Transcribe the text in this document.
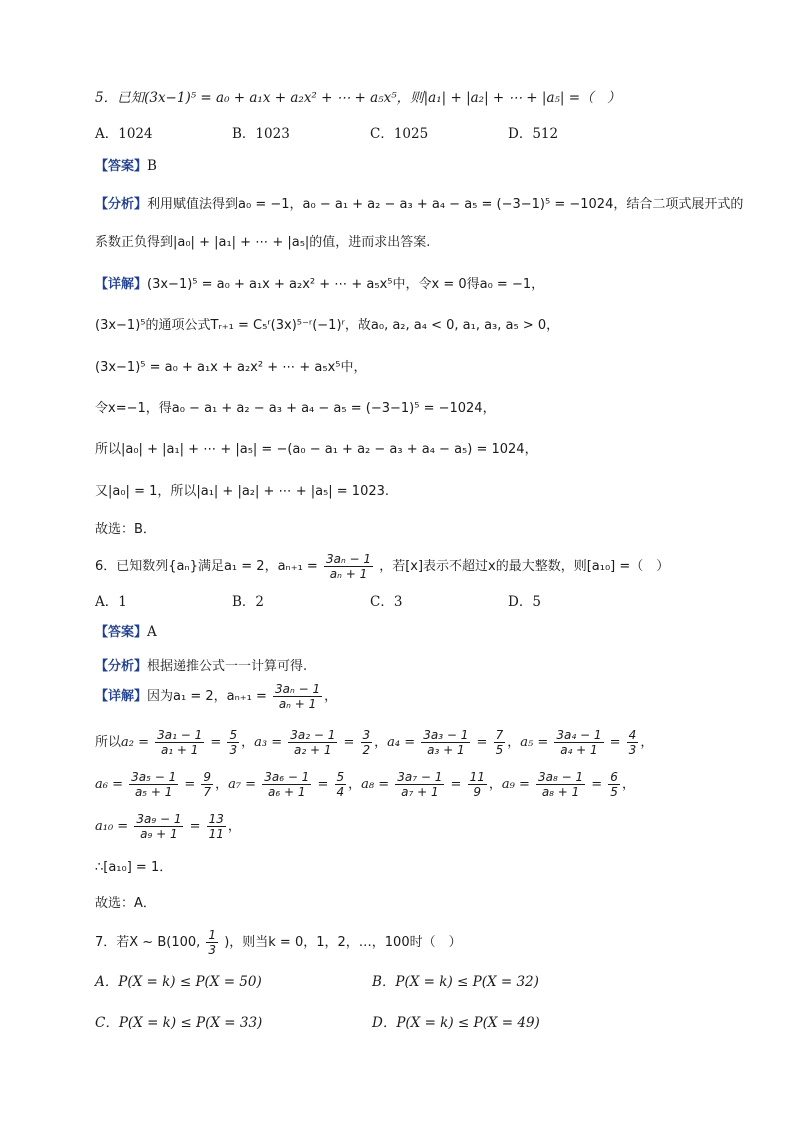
5．已知(3x−1)⁵ = a₀ + a₁x + a₂x² + ⋯ + a₅x⁵，则|a₁| + |a₂| + ⋯ + |a₅| =（　）
A．1024	B．1023	C．1025	D．512
【答案】B
【分析】利用赋值法得到a₀ = −1，a₀ − a₁ + a₂ − a₃ + a₄ − a₅ = (−3−1)⁵ = −1024，结合二项式展开式的
系数正负得到|a₀| + |a₁| + ⋯ + |a₅|的值，进而求出答案.
【详解】(3x−1)⁵ = a₀ + a₁x + a₂x² + ⋯ + a₅x⁵中，令x = 0得a₀ = −1，
(3x−1)⁵的通项公式Tᵣ₊₁ = C₅ʳ(3x)⁵⁻ʳ(−1)ʳ，故a₀, a₂, a₄ < 0, a₁, a₃, a₅ > 0，
(3x−1)⁵ = a₀ + a₁x + a₂x² + ⋯ + a₅x⁵中，
令x=−1，得a₀ − a₁ + a₂ − a₃ + a₄ − a₅ = (−3−1)⁵ = −1024，
所以|a₀| + |a₁| + ⋯ + |a₅| = −(a₀ − a₁ + a₂ − a₃ + a₄ − a₅) = 1024，
又|a₀| = 1，所以|a₁| + |a₂| + ⋯ + |a₅| = 1023.
故选：B．
6．已知数列{aₙ}满足a₁ = 2，$a_{n+1} = \frac{\text{3aₙ − 1}}{\text{aₙ + 1}}$ ，若[x]表示不超过x的最大整数，则[a₁₀] =（　）
A．1	B．2	C．3	D．5
【答案】A
【分析】根据递推公式一一计算可得.
【详解】因为a₁ = 2，$a_{n+1} = \frac{\text{3aₙ − 1}}{\text{aₙ + 1}}$ ，
所以$a_2 = \frac{\text{3a₁ − 1}}{\text{a₁ + 1}} = \frac{5}{3}$ ，$a_3 = \frac{\text{3a₂ − 1}}{\text{a₂ + 1}} = \frac{3}{2}$ ，$a_4 = \frac{\text{3a₃ − 1}}{\text{a₃ + 1}} = \frac{7}{5}$ ，$a_5 = \frac{\text{3a₄ − 1}}{\text{a₄ + 1}} = \frac{4}{3}$ ，
$a_6 = \frac{\text{3a₅ − 1}}{\text{a₅ + 1}} = \frac{9}{7}$ ，$a_7 = \frac{\text{3a₆ − 1}}{\text{a₆ + 1}} = \frac{5}{4}$ ，$a_8 = \frac{\text{3a₇ − 1}}{\text{a₇ + 1}} = \frac{11}{9}$ ，$a_9 = \frac{\text{3a₈ − 1}}{\text{a₈ + 1}} = \frac{6}{5}$ ，
$a_{10} = \frac{\text{3a₉ − 1}}{\text{a₉ + 1}} = \frac{13}{11}$ ，
∴[a₁₀] = 1．
故选：A．
7．若X ~ B(100, $\frac{1}{3}$ )，则当k = 0，1，2，…，100时（　）
A．P(X = k) ≤ P(X = 50)	B．P(X = k) ≤ P(X = 32)
C．P(X = k) ≤ P(X = 33)	D．P(X = k) ≤ P(X = 49)
